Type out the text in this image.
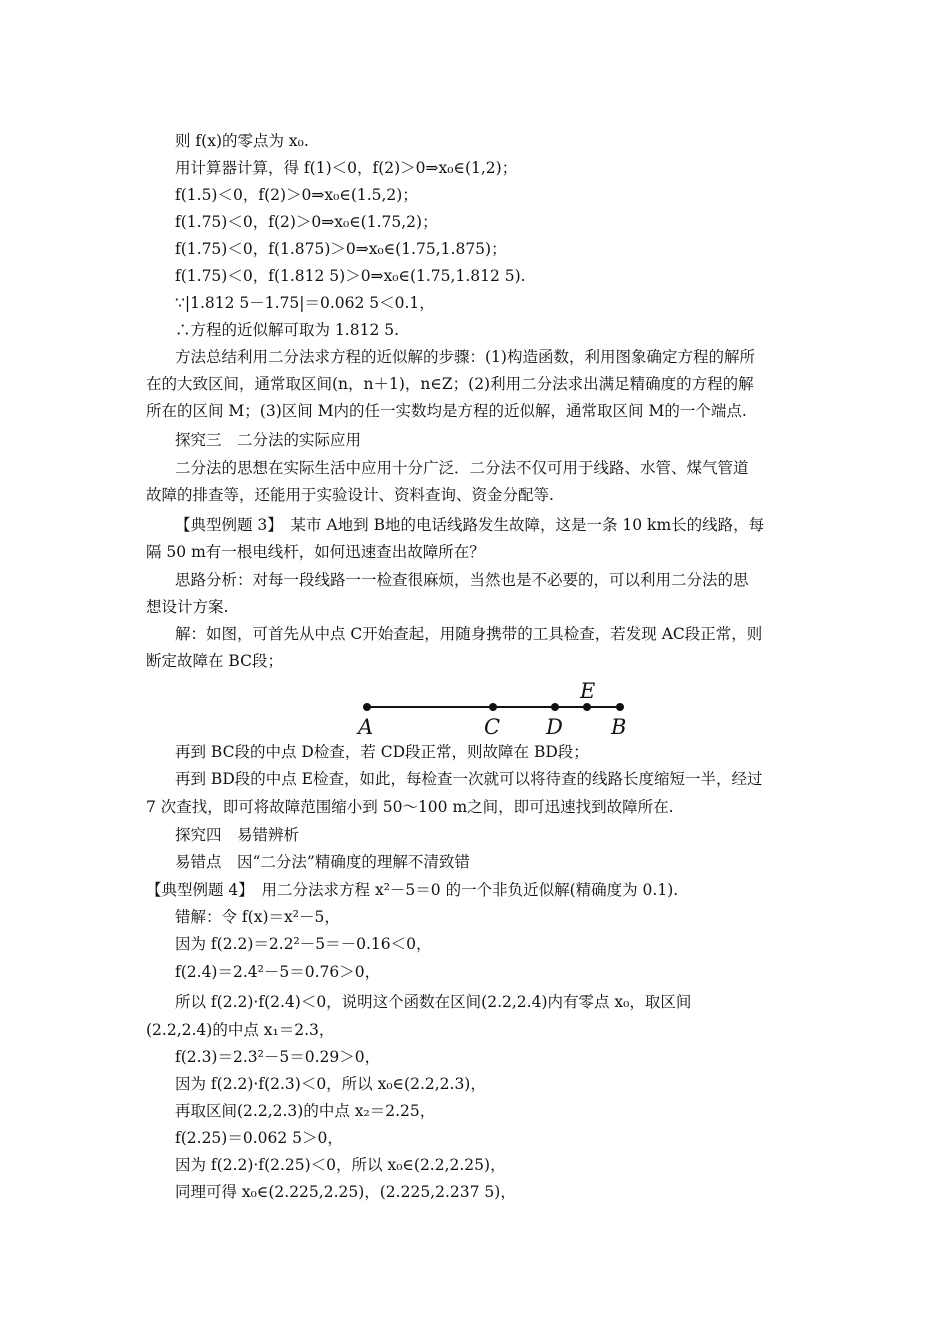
则 f(x)的零点为 x₀.
用计算器计算，得 f(1)＜0，f(2)＞0⇒x₀∈(1,2)；
f(1.5)＜0，f(2)＞0⇒x₀∈(1.5,2)；
f(1.75)＜0，f(2)＞0⇒x₀∈(1.75,2)；
f(1.75)＜0，f(1.875)＞0⇒x₀∈(1.75,1.875)；
f(1.75)＜0，f(1.812 5)＞0⇒x₀∈(1.75,1.812 5).
∵|1.812 5－1.75|＝0.062 5＜0.1，
∴方程的近似解可取为 1.812 5.
方法总结利用二分法求方程的近似解的步骤：(1)构造函数，利用图象确定方程的解所
在的大致区间，通常取区间(n，n＋1)，n∈Z；(2)利用二分法求出满足精确度的方程的解
所在的区间 M；(3)区间 M内的任一实数均是方程的近似解，通常取区间 M的一个端点.
探究三　二分法的实际应用
二分法的思想在实际生活中应用十分广泛．二分法不仅可用于线路、水管、煤气管道
故障的排查等，还能用于实验设计、资料查询、资金分配等.
【典型例题 3】　某市 A地到 B地的电话线路发生故障，这是一条 10 km长的线路，每
隔 50 m有一根电线杆，如何迅速查出故障所在？
思路分析：对每一段线路一一检查很麻烦，当然也是不必要的，可以利用二分法的思
想设计方案.
解：如图，可首先从中点 C开始查起，用随身携带的工具检查，若发现 AC段正常，则
断定故障在 BC段；
A	C D
E
B
再到 BC段的中点 D检查，若 CD段正常，则故障在 BD段；
再到 BD段的中点 E检查，如此，每检查一次就可以将待查的线路长度缩短一半，经过
7 次查找，即可将故障范围缩小到 50～100 m之间，即可迅速找到故障所在.
探究四　易错辨析
易错点　因“二分法”精确度的理解不清致错
【典型例题 4】　用二分法求方程 x²－5＝0 的一个非负近似解(精确度为 0.1).
错解：令 f(x)＝x²－5，
因为 f(2.2)＝2.2²－5＝－0.16＜0，
f(2.4)＝2.4²－5＝0.76＞0，
所以 f(2.2)·f(2.4)＜0，说明这个函数在区间(2.2,2.4)内有零点 x₀，取区间
(2.2,2.4)的中点 x₁＝2.3，
f(2.3)＝2.3²－5＝0.29＞0，
因为 f(2.2)·f(2.3)＜0，所以 x₀∈(2.2,2.3)，
再取区间(2.2,2.3)的中点 x₂＝2.25，
f(2.25)＝0.062 5＞0，
因为 f(2.2)·f(2.25)＜0，所以 x₀∈(2.2,2.25)，
同理可得 x₀∈(2.225,2.25)，(2.225,2.237 5)，
